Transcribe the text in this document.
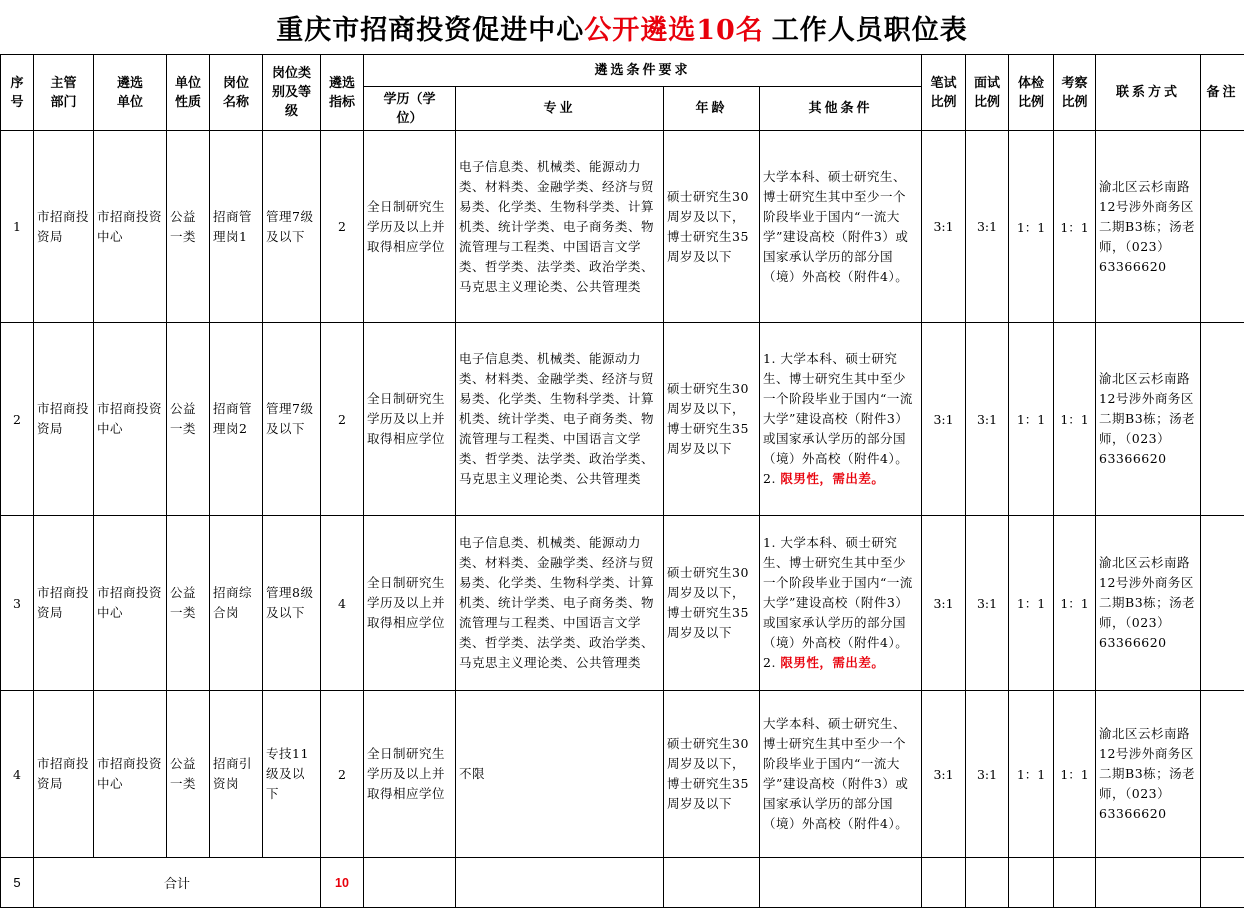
重庆市招商投资促进中心 公开遴选10名 工作人员职位表
序号	主管部门	遴选单位	单位性质	岗位名称	岗位类别及等级	遴选指标	遴选条件要求				笔试比例	面试比例	体检比例	考察比例	联系方式	备注

							学历（学位）	专业	年龄	其他条件						
1	市招商投资局	市招商投资中心	公益一类	招商管理岗1	管理7级及以下	2	全日制研究生学历及以上并取得相应学位	电子信息类、机械类、能源动力类、材料类、金融学类、经济与贸易类、化学类、生物科学类、计算机类、统计学类、电子商务类、物流管理与工程类、中国语言文学类、哲学类、法学类、政治学类、马克思主义理论类、公共管理类	硕士研究生30周岁及以下，博士研究生35周岁及以下	大学本科、硕士研究生、博士研究生其中至少一个阶段毕业于国内“一流大学”建设高校（附件3）或国家承认学历的部分国（境）外高校（附件4）。	3:1	3:1	1：1	1：1	渝北区云杉南路12号涉外商务区二期B3栋；汤老师，（023）63366620	

2	市招商投资局	市招商投资中心	公益一类	招商管理岗2	管理7级及以下	2	全日制研究生学历及以上并取得相应学位	电子信息类、机械类、能源动力类、材料类、金融学类、经济与贸易类、化学类、生物科学类、计算机类、统计学类、电子商务类、物流管理与工程类、中国语言文学类、哲学类、法学类、政治学类、马克思主义理论类、公共管理类	硕士研究生30周岁及以下，博士研究生35周岁及以下	1. 大学本科、硕士研究生、博士研究生其中至少一个阶段毕业于国内“一流大学”建设高校（附件3）或国家承认学历的部分国（境）外高校（附件4）。
2. 限男性，需出差。	3:1	3:1	1：1	1：1	渝北区云杉南路12号涉外商务区二期B3栋；汤老师，（023）63366620	

3	市招商投资局	市招商投资中心	公益一类	招商综合岗	管理8级及以下	4	全日制研究生学历及以上并取得相应学位	电子信息类、机械类、能源动力类、材料类、金融学类、经济与贸易类、化学类、生物科学类、计算机类、统计学类、电子商务类、物流管理与工程类、中国语言文学类、哲学类、法学类、政治学类、马克思主义理论类、公共管理类	硕士研究生30周岁及以下，博士研究生35周岁及以下	1. 大学本科、硕士研究生、博士研究生其中至少一个阶段毕业于国内“一流大学”建设高校（附件3）或国家承认学历的部分国（境）外高校（附件4）。
2. 限男性，需出差。	3:1	3:1	1：1	1：1	渝北区云杉南路12号涉外商务区二期B3栋；汤老师，（023）63366620	

4	市招商投资局	市招商投资中心	公益一类	招商引资岗	专技11级及以下	2	全日制研究生学历及以上并取得相应学位	不限	硕士研究生30周岁及以下，博士研究生35周岁及以下	大学本科、硕士研究生、博士研究生其中至少一个阶段毕业于国内“一流大学”建设高校（附件3）或国家承认学历的部分国（境）外高校（附件4）。	3:1	3:1	1：1	1：1	渝北区云杉南路12号涉外商务区二期B3栋；汤老师，（023）63366620	

5	合计					10										
